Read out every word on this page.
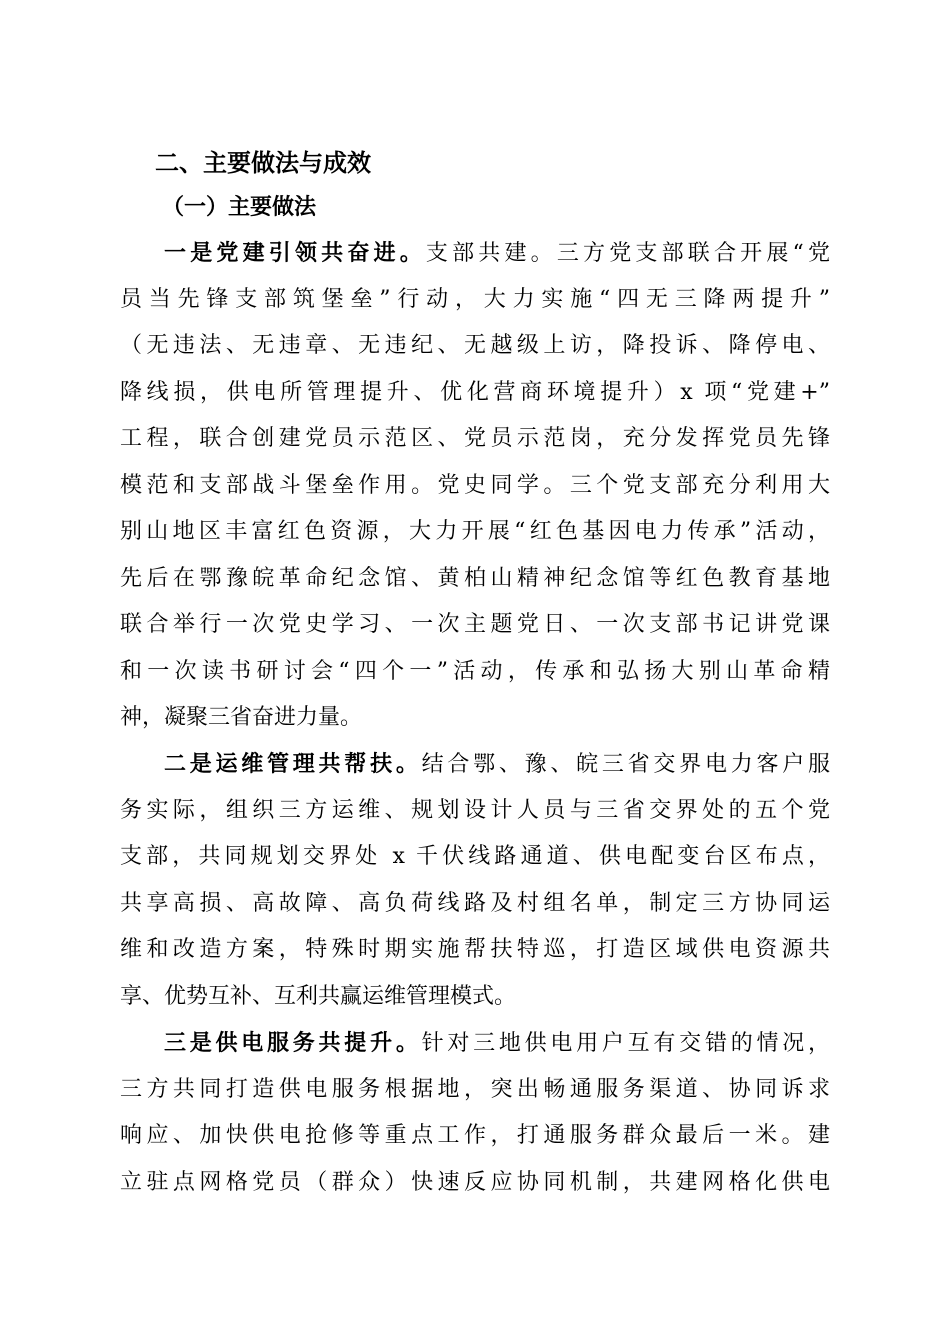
二、主要做法与成效
（一）主要做法
一是党建引领共奋进。支部共建。三方党支部联合开展“党
员当先锋支部筑堡垒”行动，大力实施“四无三降两提升”
（无违法、无违章、无违纪、无越级上访，降投诉、降停电、
降线损，供电所管理提升、优化营商环境提升）x 项“党建+”
工程，联合创建党员示范区、党员示范岗，充分发挥党员先锋
模范和支部战斗堡垒作用。党史同学。三个党支部充分利用大
别山地区丰富红色资源，大力开展“红色基因电力传承”活动，
先后在鄂豫皖革命纪念馆、黄柏山精神纪念馆等红色教育基地
联合举行一次党史学习、一次主题党日、一次支部书记讲党课
和一次读书研讨会“四个一”活动，传承和弘扬大别山革命精
神，凝聚三省奋进力量。
二是运维管理共帮扶。结合鄂、豫、皖三省交界电力客户服
务实际，组织三方运维、规划设计人员与三省交界处的五个党
支部，共同规划交界处 x 千伏线路通道、供电配变台区布点，
共享高损、高故障、高负荷线路及村组名单，制定三方协同运
维和改造方案，特殊时期实施帮扶特巡，打造区域供电资源共
享、优势互补、互利共赢运维管理模式。
三是供电服务共提升。针对三地供电用户互有交错的情况，
三方共同打造供电服务根据地，突出畅通服务渠道、协同诉求
响应、加快供电抢修等重点工作，打通服务群众最后一米。建
立驻点网格党员（群众）快速反应协同机制，共建网格化供电
